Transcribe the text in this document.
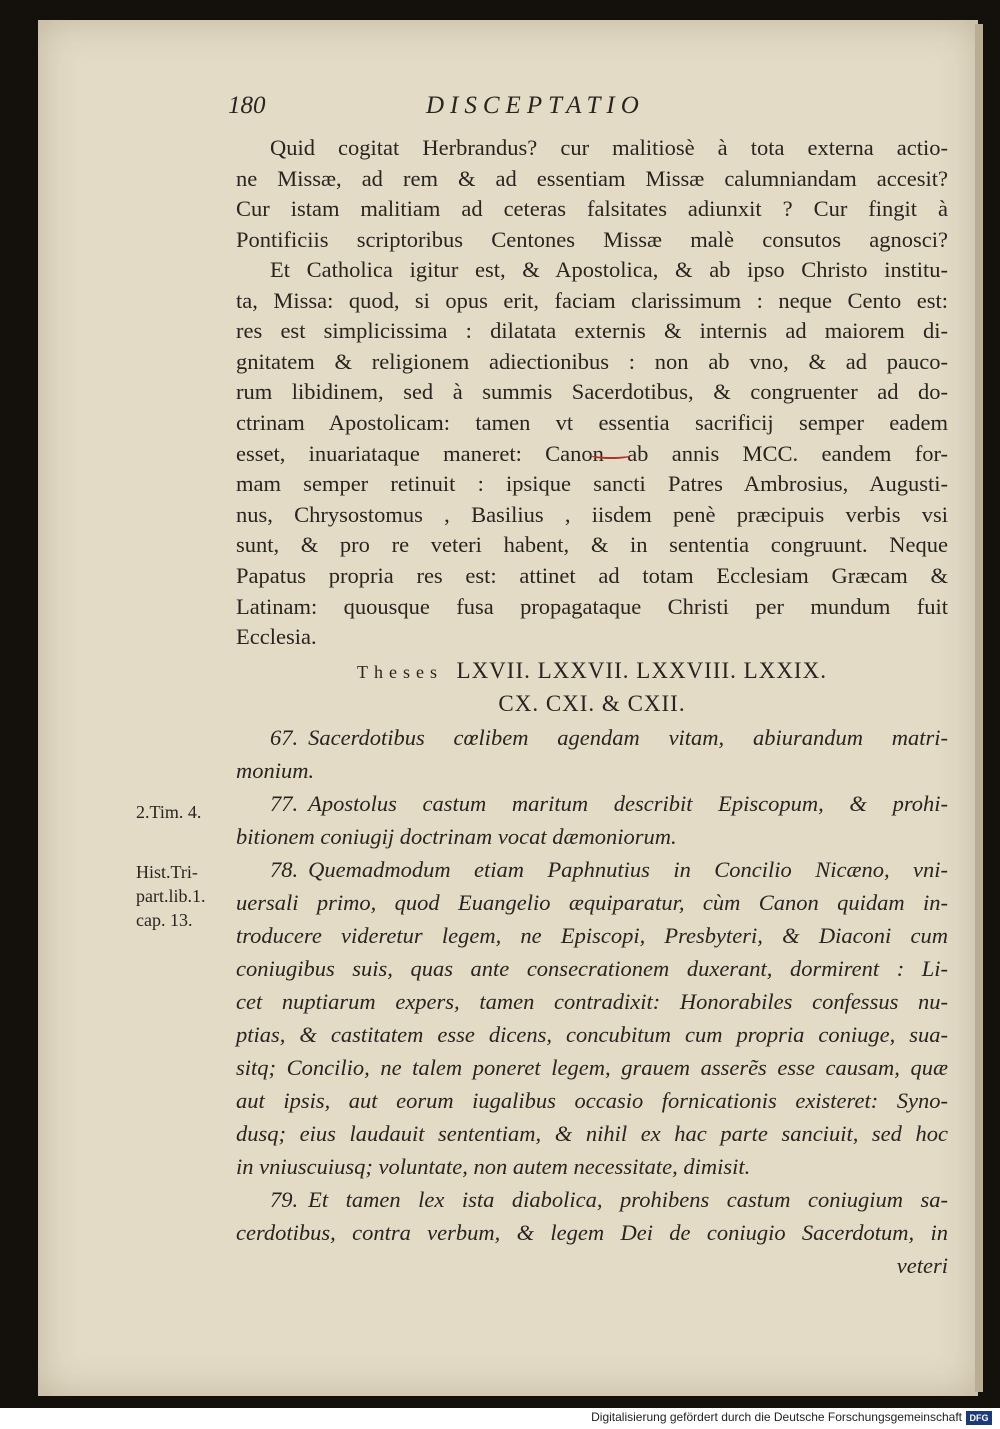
180	DISCEPTATIO
Quid cogitat Herbrandus? cur malitiosè à tota externa actio-
ne Missæ, ad rem & ad essentiam Missæ calumniandam accesit?
Cur istam malitiam ad ceteras falsitates adiunxit ? Cur fingit à
Pontificiis scriptoribus Centones Missæ malè consutos agnosci?
Et Catholica igitur est, & Apostolica, & ab ipso Christo institu-
ta, Missa: quod, si opus erit, faciam clarissimum : neque Cento est:
res est simplicissima : dilatata externis & internis ad maiorem di-
gnitatem & religionem adiectionibus : non ab vno, & ad pauco-
rum libidinem, sed à summis Sacerdotibus, & congruenter ad do-
ctrinam Apostolicam: tamen vt essentia sacrificij semper eadem
esset, inuariataque maneret: Canon ab annis MCC. eandem for-
mam semper retinuit : ipsique sancti Patres Ambrosius, Augusti-
nus, Chrysostomus , Basilius , iisdem penè præcipuis verbis vsi
sunt, & pro re veteri habent, & in sententia congruunt. Neque
Papatus propria res est: attinet ad totam Ecclesiam Græcam &
Latinam: quousque fusa propagataque Christi per mundum fuit
Ecclesia.
Theses LXVII. LXXVII. LXXVIII. LXXIX.
CX. CXI. & CXII.
67. Sacerdotibus cœlibem agendam vitam, abiurandum matri-
monium.
77. Apostolus castum maritum describit Episcopum, & prohi-
bitionem coniugij doctrinam vocat dæmoniorum.
78. Quemadmodum etiam Paphnutius in Concilio Nicæno, vni-
uersali primo, quod Euangelio æquiparatur, cùm Canon quidam in-
troducere videretur legem, ne Episcopi, Presbyteri, & Diaconi cum
coniugibus suis, quas ante consecrationem duxerant, dormirent : Li-
cet nuptiarum expers, tamen contradixit: Honorabiles confessus nu-
ptias, & castitatem esse dicens, concubitum cum propria coniuge, sua-
sitq; Concilio, ne talem poneret legem, grauem asserẽs esse causam, quæ
aut ipsis, aut eorum iugalibus occasio fornicationis existeret: Syno-
dusq; eius laudauit sententiam, & nihil ex hac parte sanciuit, sed hoc
in vniuscuiusq; voluntate, non autem necessitate, dimisit.
79. Et tamen lex ista diabolica, prohibens castum coniugium sa-
cerdotibus, contra verbum, & legem Dei de coniugio Sacerdotum, in
veteri
2.Tim. 4.
Hist.Tri-
part.lib.1.
cap. 13.
Digitalisierung gefördert durch die Deutsche Forschungsgemeinschaft DFG
